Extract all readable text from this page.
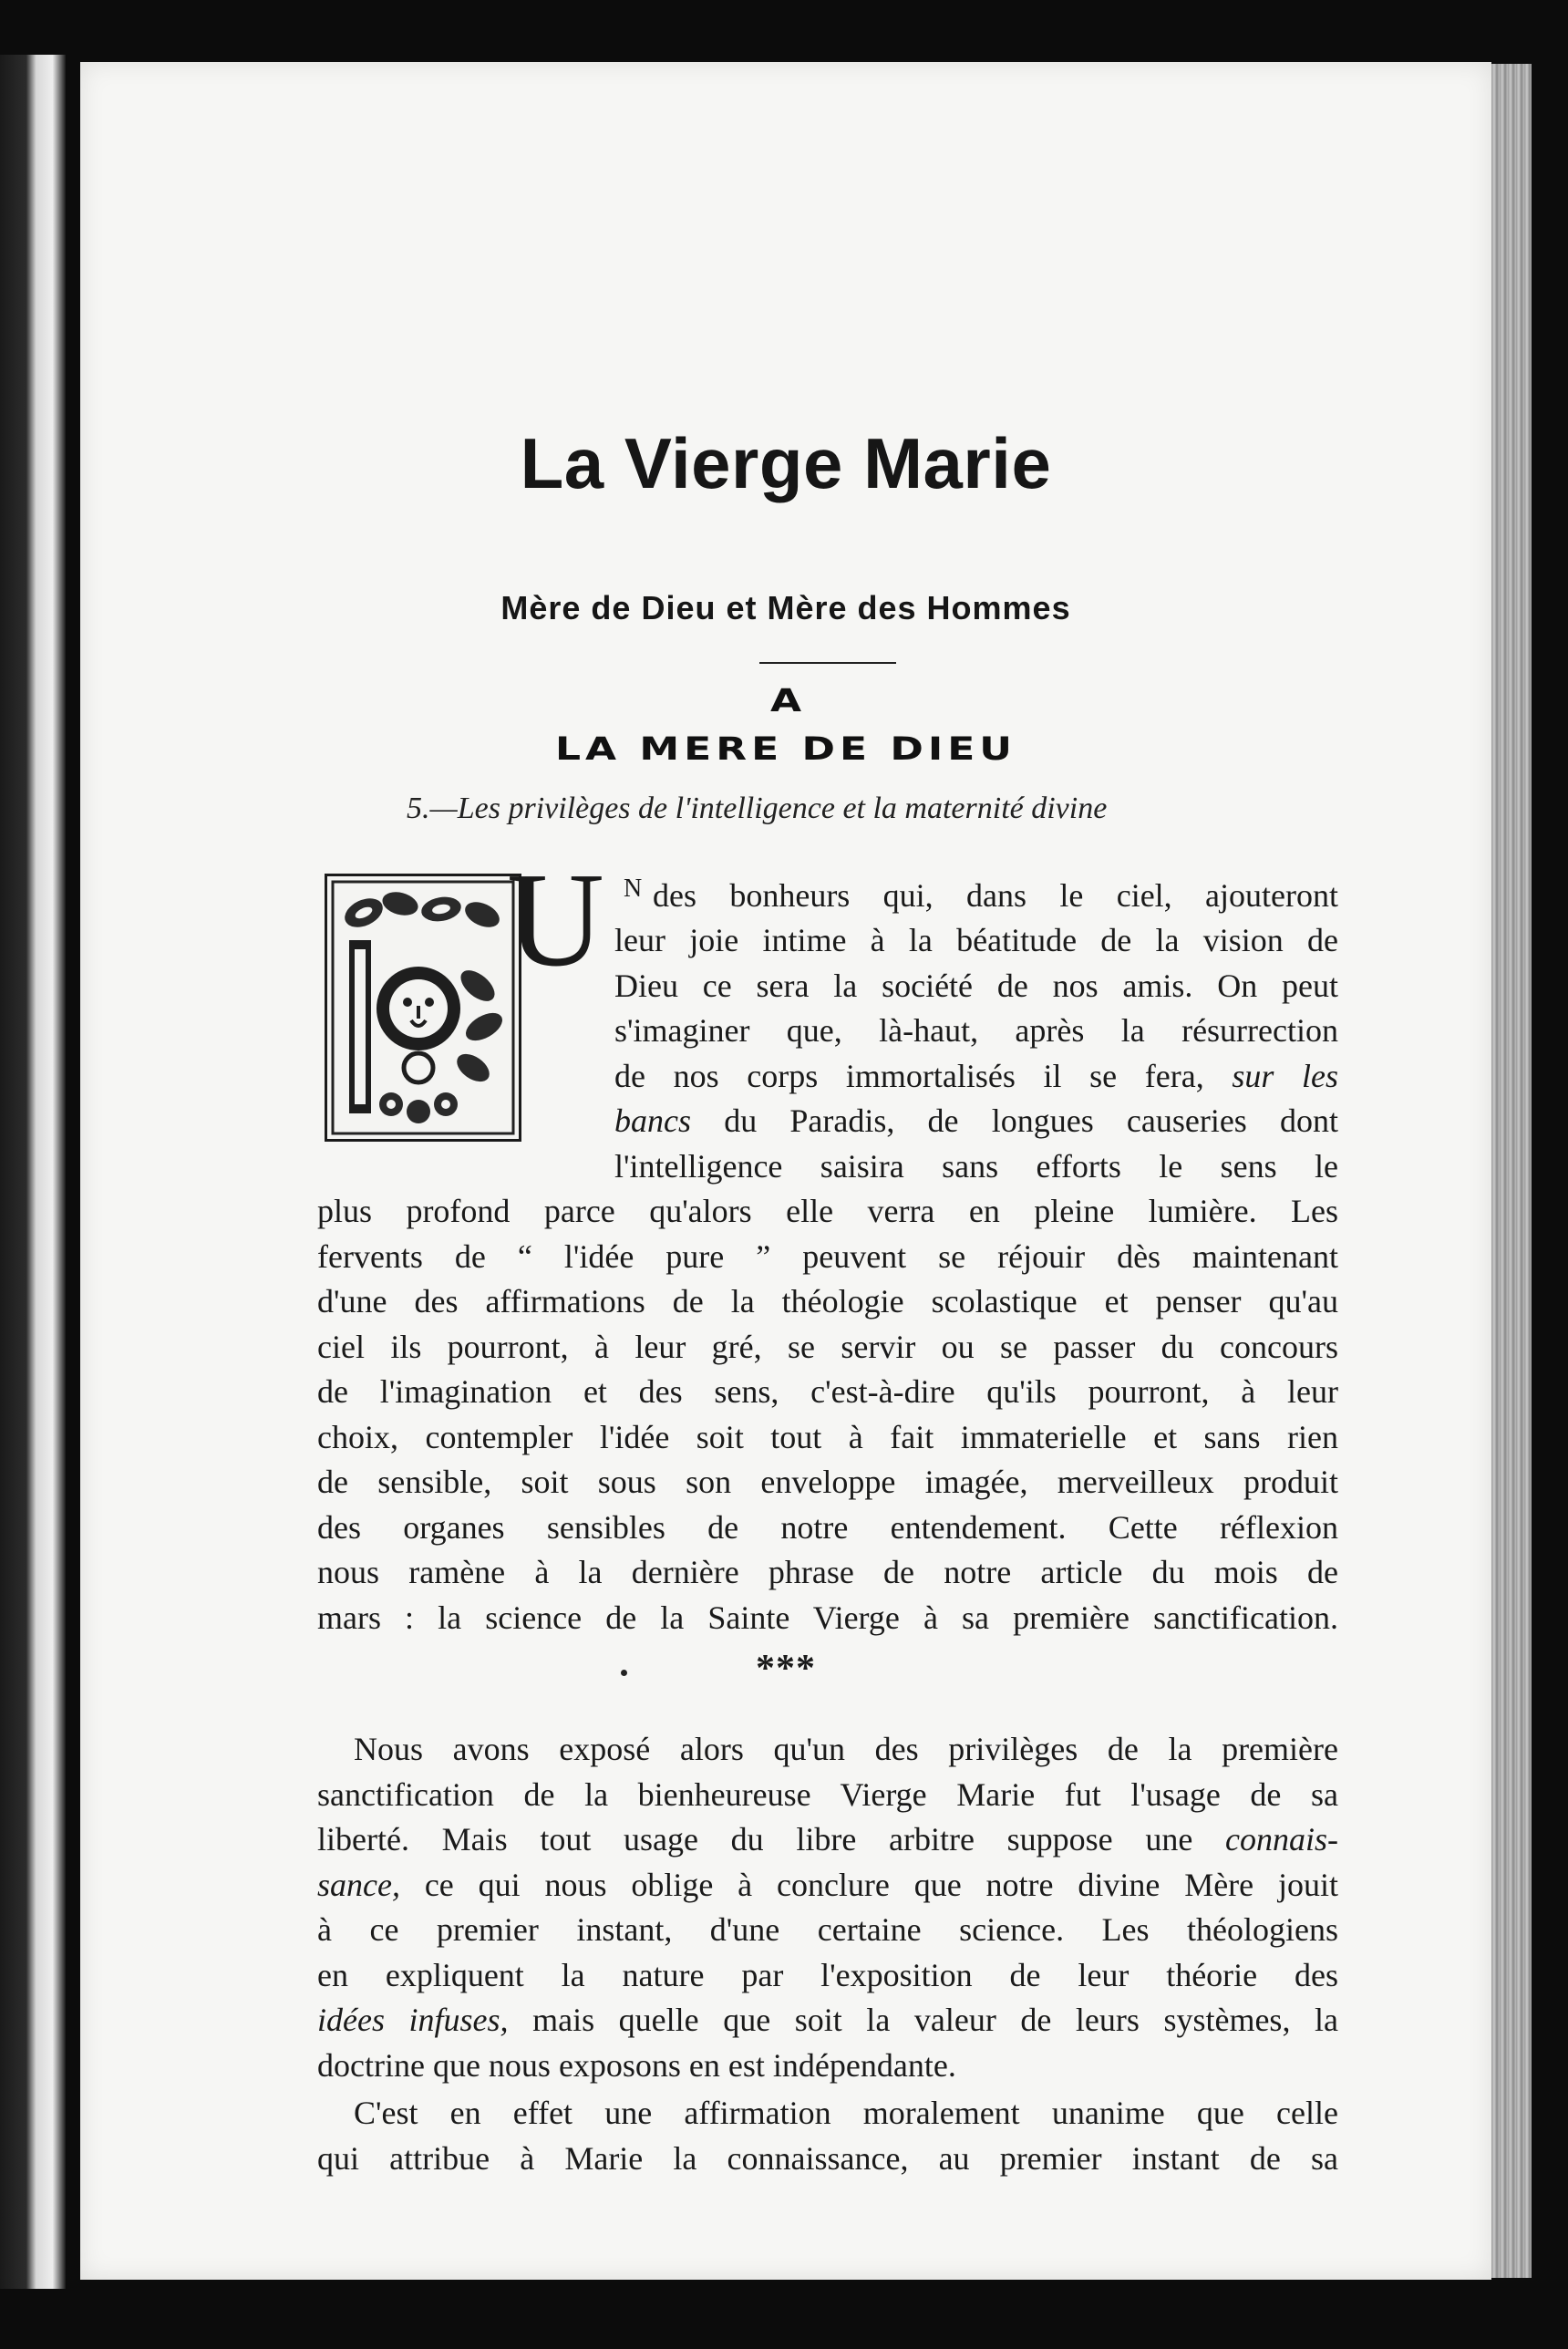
La Vierge Marie
Mère de Dieu et Mère des Hommes
A
LA MERE DE DIEU

5.—Les privilèges de l'intelligence et la maternité divine

U N des bonheurs qui, dans le ciel, ajouteront

leur joie intime à la béatitude de la vision de

Dieu ce sera la société de nos amis. On peut

s'imaginer que, là-haut, après la résurrection

de nos corps immortalisés il se fera, sur les

bancs du Paradis, de longues causeries dont

l'intelligence saisira sans efforts le sens le

plus profond parce qu'alors elle verra en pleine lumière. Les

fervents de “ l'idée pure ” peuvent se réjouir dès maintenant

d'une des affirmations de la théologie scolastique et penser qu'au

ciel ils pourront, à leur gré, se servir ou se passer du concours

de l'imagination et des sens, c'est-à-dire qu'ils pourront, à leur

choix, contempler l'idée soit tout à fait immaterielle et sans rien

de sensible, soit sous son enveloppe imagée, merveilleux produit

des organes sensibles de notre entendement. Cette réflexion

nous ramène à la dernière phrase de notre article du mois de

mars : la science de la Sainte Vierge à sa première sanctification.

***

Nous avons exposé alors qu'un des privilèges de la première

sanctification de la bienheureuse Vierge Marie fut l'usage de sa

liberté. Mais tout usage du libre arbitre suppose une connais-

sance, ce qui nous oblige à conclure que notre divine Mère jouit

à ce premier instant, d'une certaine science. Les théologiens

en expliquent la nature par l'exposition de leur théorie des

idées infuses, mais quelle que soit la valeur de leurs systèmes, la

doctrine que nous exposons en est indépendante.

C'est en effet une affirmation moralement unanime que celle

qui attribue à Marie la connaissance, au premier instant de sa
